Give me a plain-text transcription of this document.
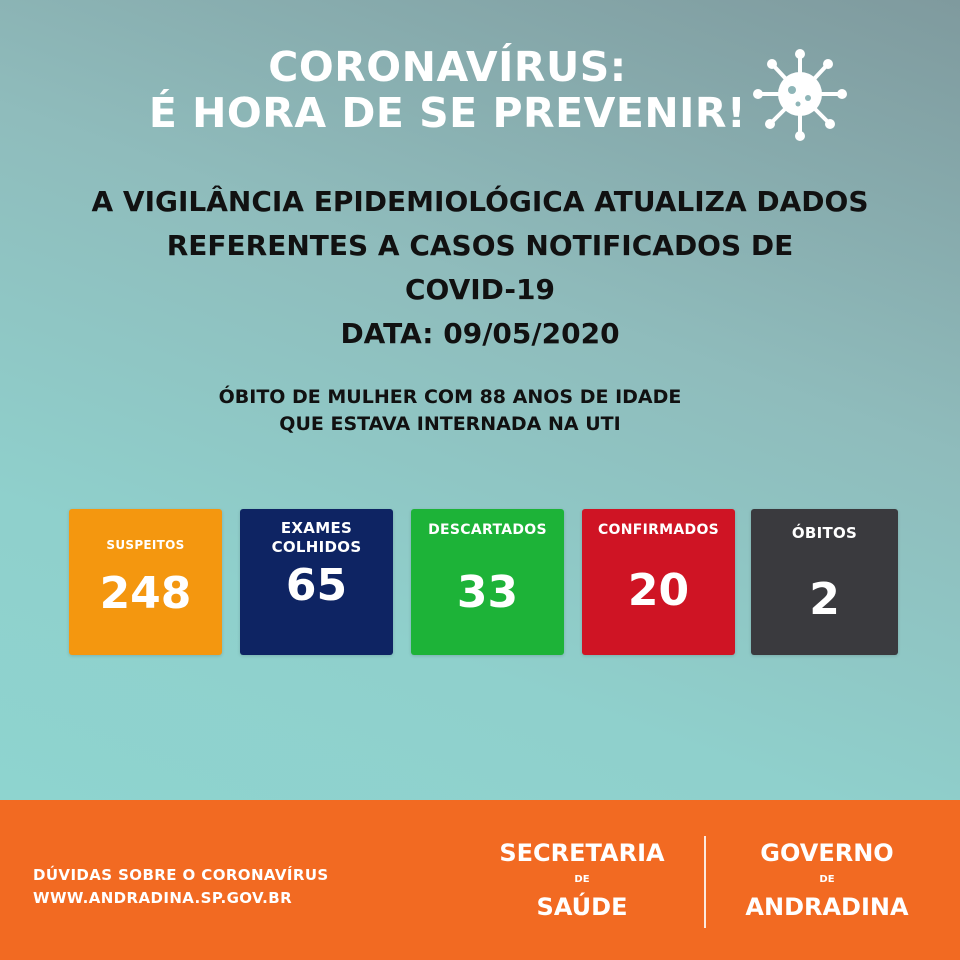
CORONAVÍRUS:
É HORA DE SE PREVENIR!
A VIGILÂNCIA EPIDEMIOLÓGICA ATUALIZA DADOS
REFERENTES A CASOS NOTIFICADOS DE
COVID-19
DATA: 09/05/2020
ÓBITO DE MULHER COM 88 ANOS DE IDADE
QUE ESTAVA INTERNADA NA UTI
SUSPEITOS
248
EXAMES
COLHIDOS
65
DESCARTADOS
33
CONFIRMADOS
20
ÓBITOS
2
DÚVIDAS SOBRE O CORONAVÍRUS
WWW.ANDRADINA.SP.GOV.BR
SECRETARIA
DE
SAÚDE
GOVERNO
DE
ANDRADINA
